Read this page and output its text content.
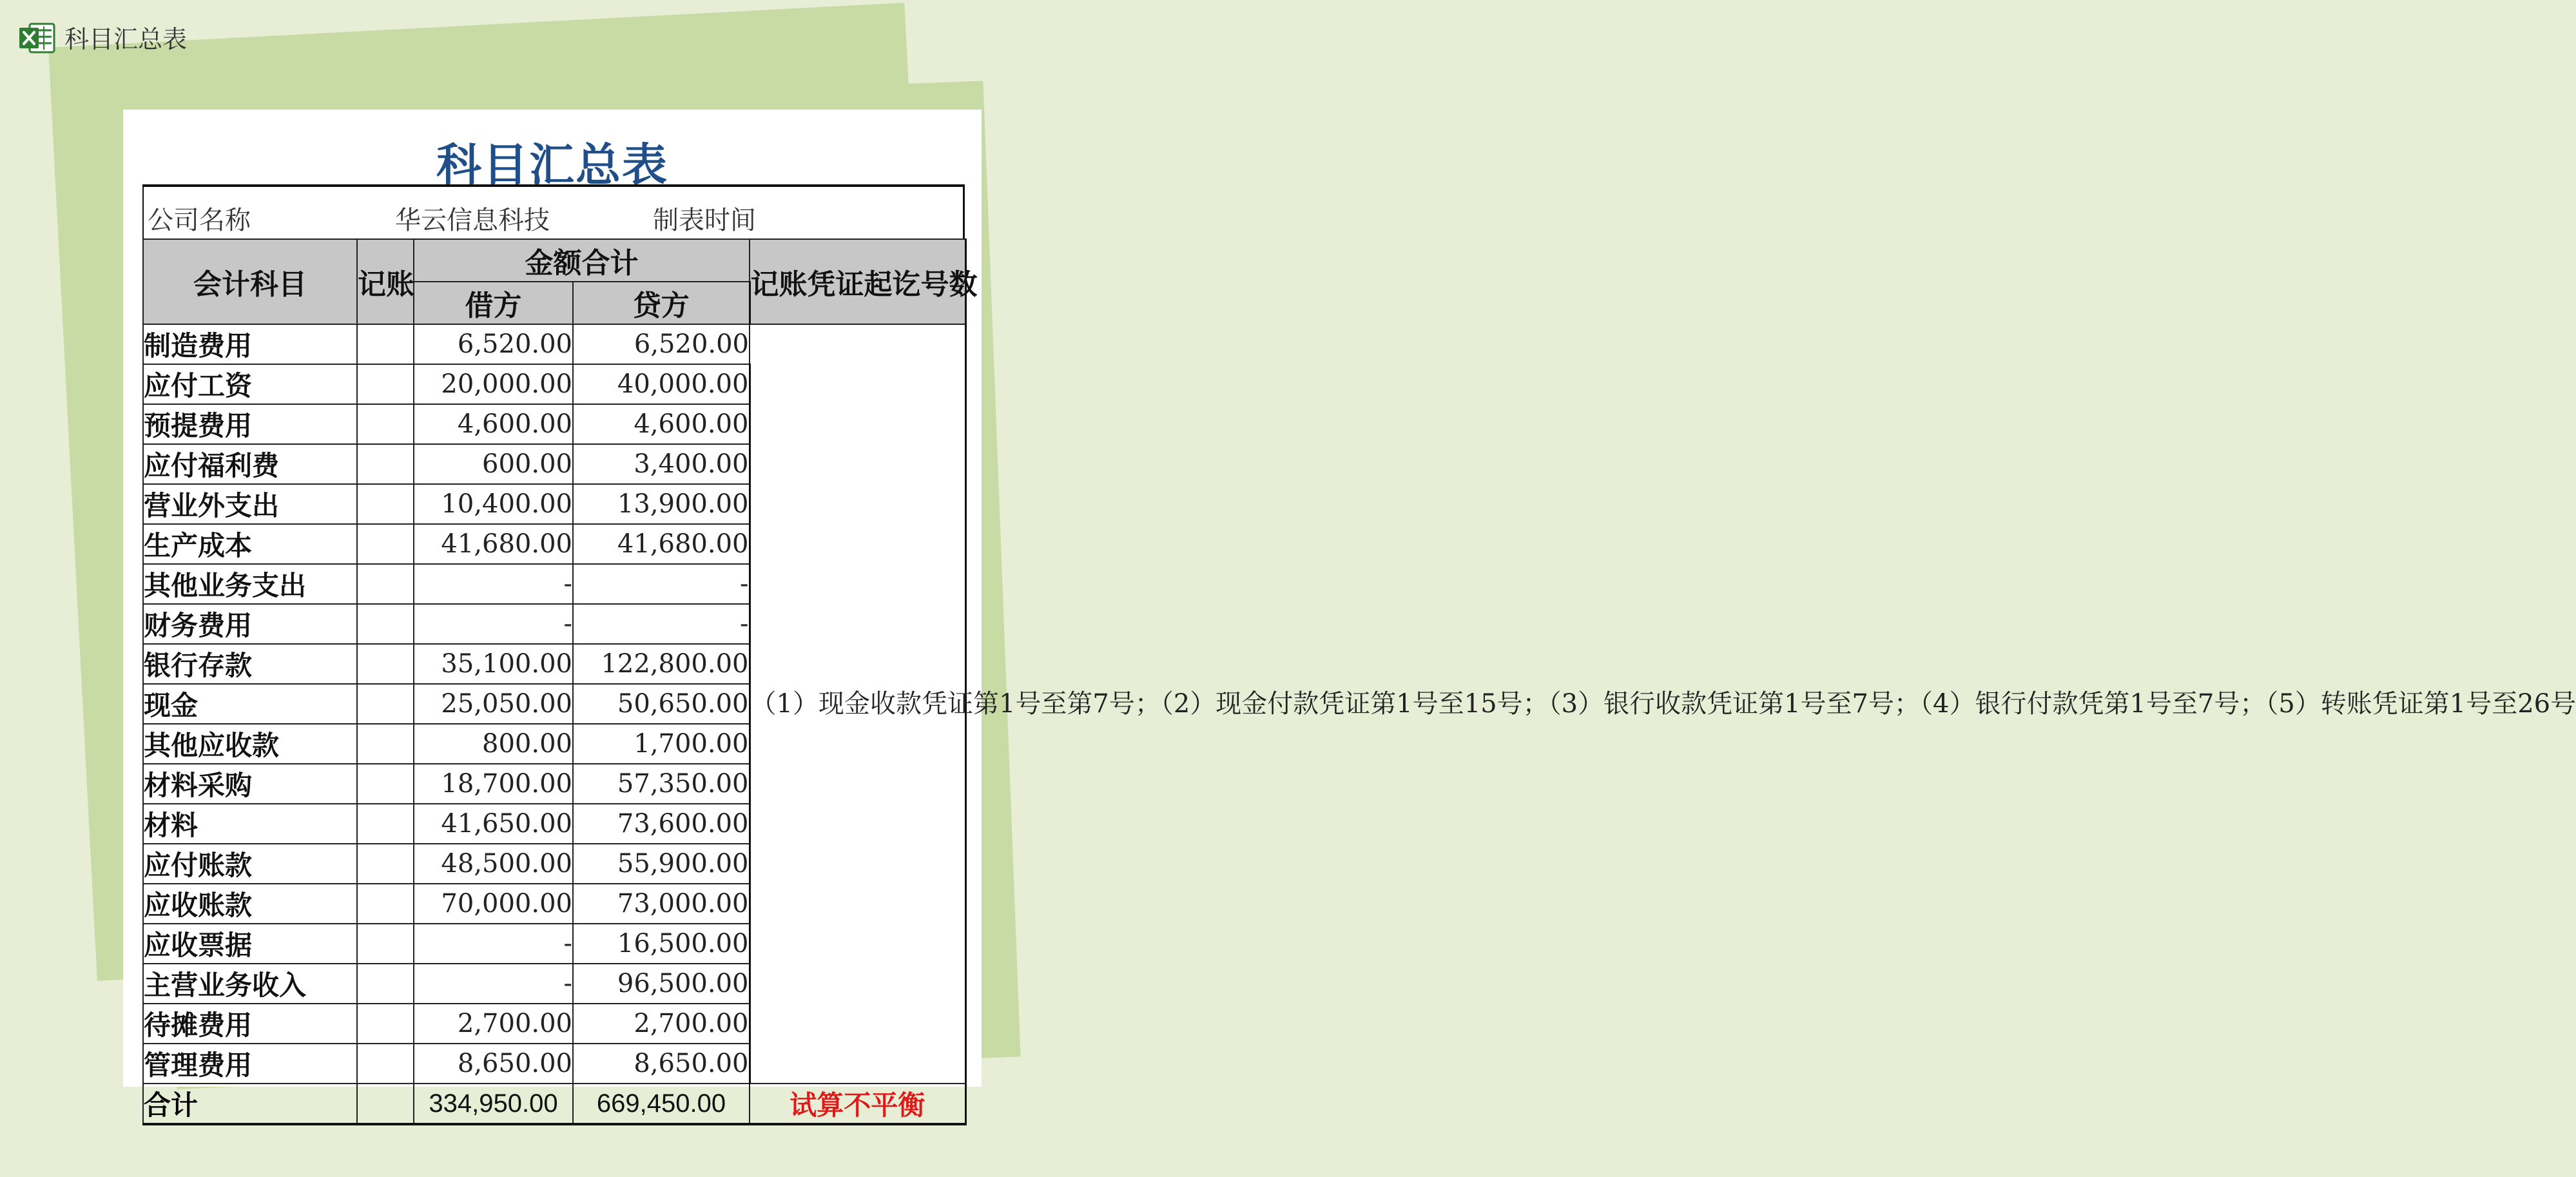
科目汇总表
科目汇总表
公司名称	华云信息科技	制表时间
会计科目	记账	金额合计		记账凭证起讫号数
		借方	贷方	
制造费用		6,520.00	6,520.00	（1）现金收款凭证第1号至第7号；（2）现金付款凭证第1号至15号；（3）银行收款凭证第1号至7号；（4）银行付款凭第1号至7号；（5）转账凭证第1号至26号
应付工资		20,000.00	40,000.00	
预提费用		4,600.00	4,600.00	
应付福利费		600.00	3,400.00	
营业外支出		10,400.00	13,900.00	
生产成本		41,680.00	41,680.00	
其他业务支出		-	-	
财务费用		-	-	
银行存款		35,100.00	122,800.00	
现金		25,050.00	50,650.00	
其他应收款		800.00	1,700.00	
材料采购		18,700.00	57,350.00	
材料		41,650.00	73,600.00	
应付账款		48,500.00	55,900.00	
应收账款		70,000.00	73,000.00	
应收票据		-	16,500.00	
主营业务收入		-	96,500.00	
待摊费用		2,700.00	2,700.00	
管理费用		8,650.00	8,650.00	
合计		334,950.00	669,450.00	试算不平衡
